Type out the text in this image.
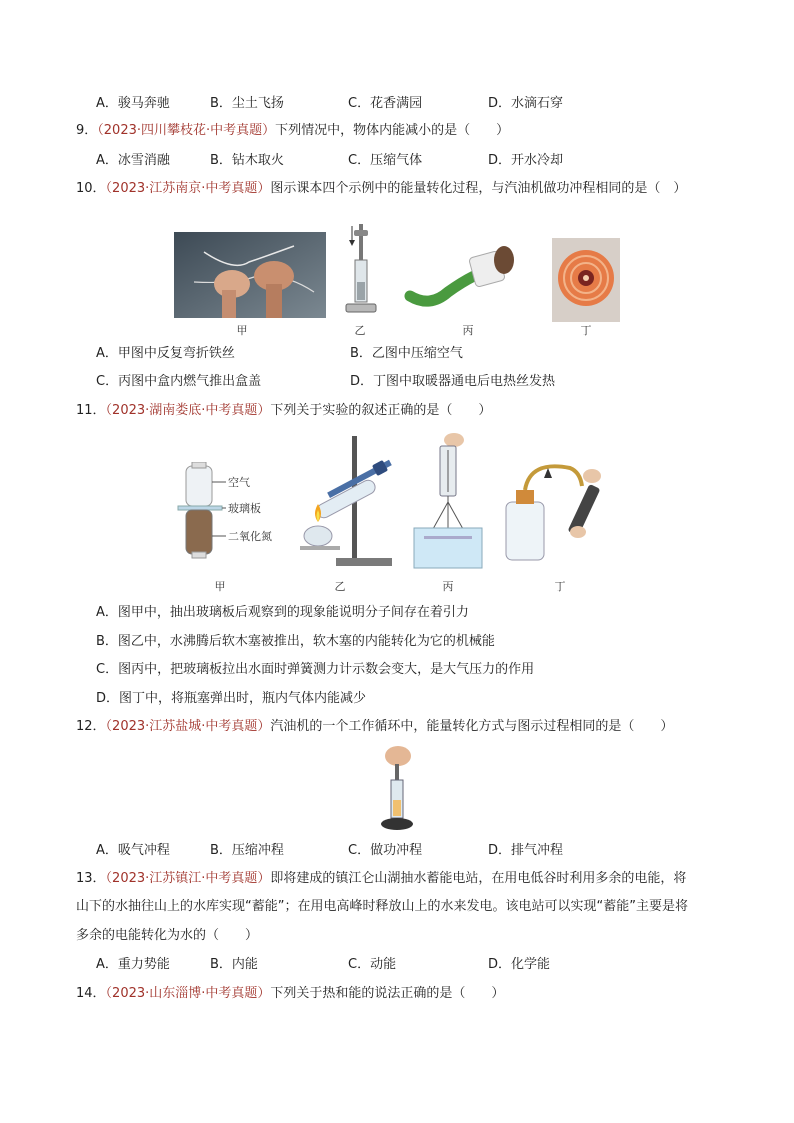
A．骏马奔驰	B．尘土飞扬	C．花香满园	D．水滴石穿
9．（2023·四川攀枝花·中考真题）下列情况中，物体内能减小的是（　　）
A．冰雪消融	B．钻木取火	C．压缩气体	D．开水冷却
10．（2023·江苏南京·中考真题）图示课本四个示例中的能量转化过程，与汽油机做功冲程相同的是（　）
甲	乙	丙	丁
A．甲图中反复弯折铁丝	B．乙图中压缩空气
C．丙图中盒内燃气推出盒盖	D．丁图中取暖器通电后电热丝发热
11．（2023·湖南娄底·中考真题）下列关于实验的叙述正确的是（　　）
空气
玻璃板
二氧化氮
甲	乙	丙	丁
A．图甲中，抽出玻璃板后观察到的现象能说明分子间存在着引力
B．图乙中，水沸腾后软木塞被推出，软木塞的内能转化为它的机械能
C．图丙中，把玻璃板拉出水面时弹簧测力计示数会变大，是大气压力的作用
D．图丁中，将瓶塞弹出时，瓶内气体内能减少
12．（2023·江苏盐城·中考真题）汽油机的一个工作循环中，能量转化方式与图示过程相同的是（　　）
A．吸气冲程	B．压缩冲程	C．做功冲程	D．排气冲程
13．（2023·江苏镇江·中考真题）即将建成的镇江仑山湖抽水蓄能电站，在用电低谷时利用多余的电能，将
山下的水抽往山上的水库实现“蓄能”；在用电高峰时释放山上的水来发电。该电站可以实现“蓄能”主要是将
多余的电能转化为水的（　　）
A．重力势能	B．内能	C．动能	D．化学能
14．（2023·山东淄博·中考真题）下列关于热和能的说法正确的是（　　）
